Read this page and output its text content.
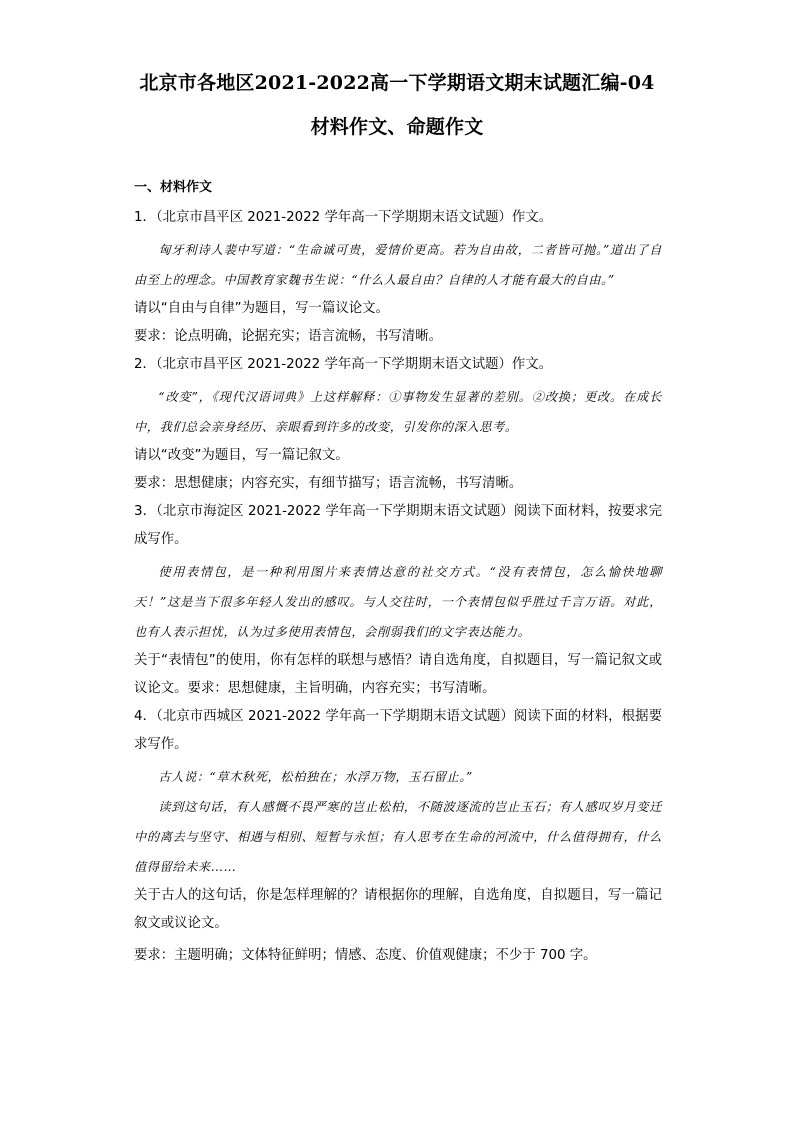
北京市各地区2021-2022高一下学期语文期末试题汇编-04
材料作文、命题作文
一、材料作文
1．（北京市昌平区 2021-2022 学年高一下学期期末语文试题）作文。
匈牙利诗人裴中写道：“生命诚可贵，爱情价更高。若为自由故，二者皆可抛。”道出了自由至上的理念。中国教育家魏书生说：“什么人最自由？自律的人才能有最大的自由。”
请以“自由与自律”为题目，写一篇议论文。
要求：论点明确，论据充实；语言流畅，书写清晰。
2．（北京市昌平区 2021-2022 学年高一下学期期末语文试题）作文。
“改变”，《现代汉语词典》上这样解释：①事物发生显著的差别。②改换；更改。在成长中，我们总会亲身经历、亲眼看到许多的改变，引发你的深入思考。
请以“改变”为题目，写一篇记叙文。
要求：思想健康；内容充实，有细节描写；语言流畅，书写清晰。
3．（北京市海淀区 2021-2022 学年高一下学期期末语文试题）阅读下面材料，按要求完成写作。
使用表情包，是一种利用图片来表情达意的社交方式。“没有表情包，怎么愉快地聊天！”这是当下很多年轻人发出的感叹。与人交往时，一个表情包似乎胜过千言万语。对此，也有人表示担忧，认为过多使用表情包，会削弱我们的文字表达能力。
关于“表情包”的使用，你有怎样的联想与感悟？请自选角度，自拟题目，写一篇记叙文或议论文。要求：思想健康，主旨明确，内容充实；书写清晰。
4．（北京市西城区 2021-2022 学年高一下学期期末语文试题）阅读下面的材料，根据要求写作。
古人说：“草木秋死，松柏独在；水浮万物，玉石留止。”
读到这句话，有人感慨不畏严寒的岂止松柏，不随波逐流的岂止玉石；有人感叹岁月变迁中的离去与坚守、相遇与相别、短暂与永恒；有人思考在生命的河流中，什么值得拥有，什么值得留给未来……
关于古人的这句话，你是怎样理解的？请根据你的理解，自选角度，自拟题目，写一篇记叙文或议论文。
要求：主题明确；文体特征鲜明；情感、态度、价值观健康；不少于 700 字。
